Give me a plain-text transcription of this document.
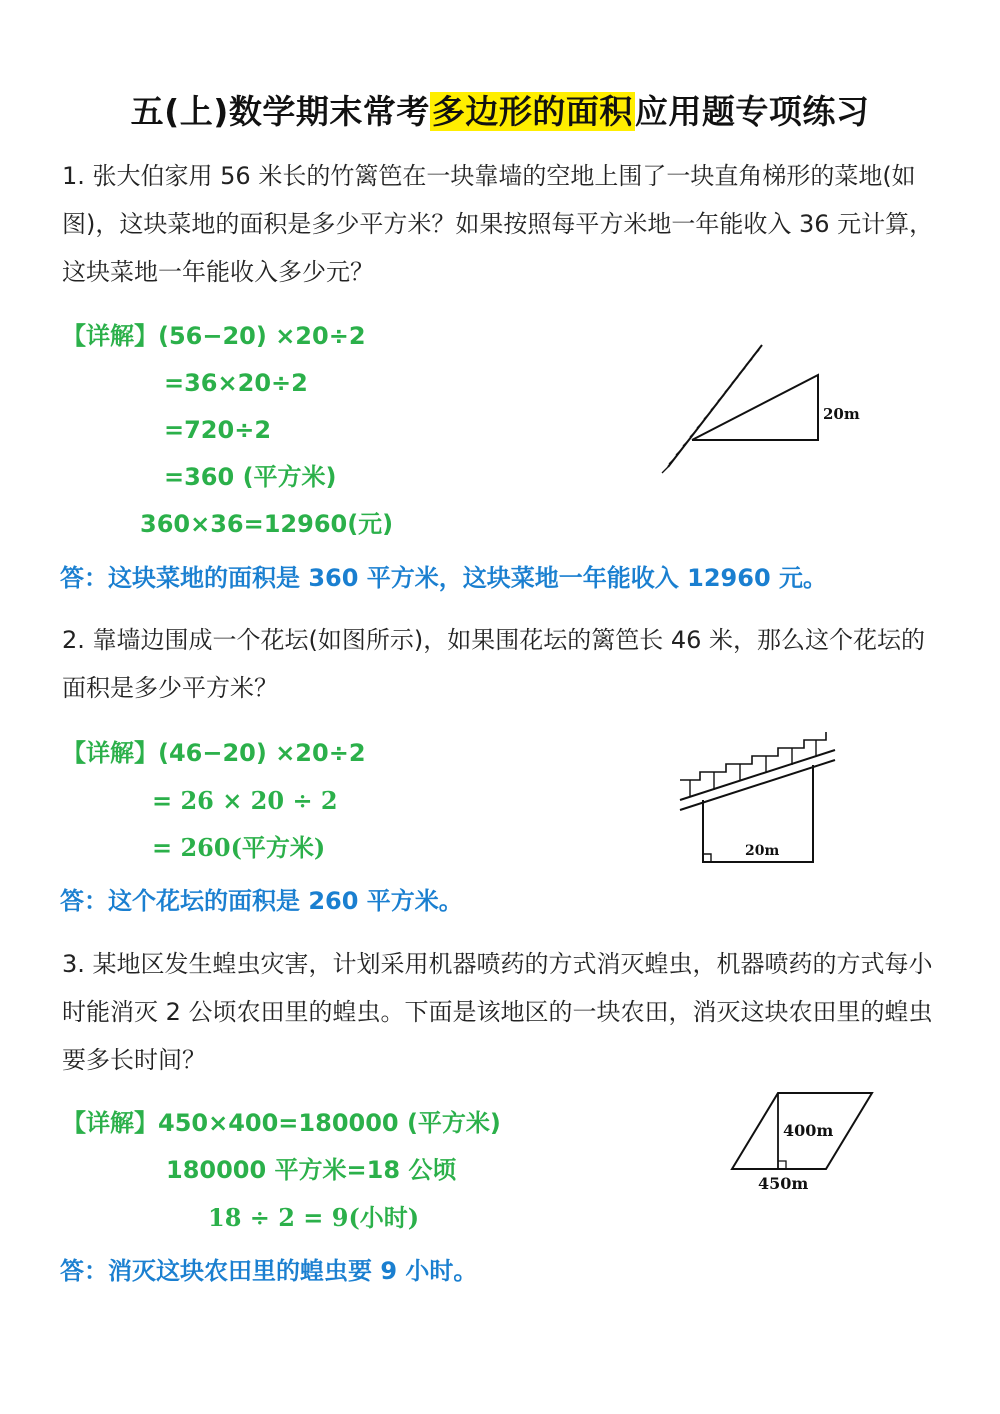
五(上)数学期末常考多边形的面积应用题专项练习
1. 张大伯家用 56 米长的竹篱笆在一块靠墙的空地上围了一块直角梯形的菜地(如图)，这块菜地的面积是多少平方米？如果按照每平方米地一年能收入 36 元计算，这块菜地一年能收入多少元？
【详解】(56−20) ×20÷2
=36×20÷2
=720÷2
=360 (平方米)
360×36=12960(元)
答：这块菜地的面积是 360 平方米，这块菜地一年能收入 12960 元。
20m
2. 靠墙边围成一个花坛(如图所示)，如果围花坛的篱笆长 46 米，那么这个花坛的面积是多少平方米？
【详解】(46−20) ×20÷2
= 26 × 20 ÷ 2
= 260(平方米)
答：这个花坛的面积是 260 平方米。
20m
3. 某地区发生蝗虫灾害，计划采用机器喷药的方式消灭蝗虫，机器喷药的方式每小时能消灭 2 公顷农田里的蝗虫。下面是该地区的一块农田，消灭这块农田里的蝗虫要多长时间？
【详解】450×400=180000 (平方米)
180000 平方米=18 公顷
18 ÷ 2 = 9(小时)
答：消灭这块农田里的蝗虫要 9 小时。
400m
450m
